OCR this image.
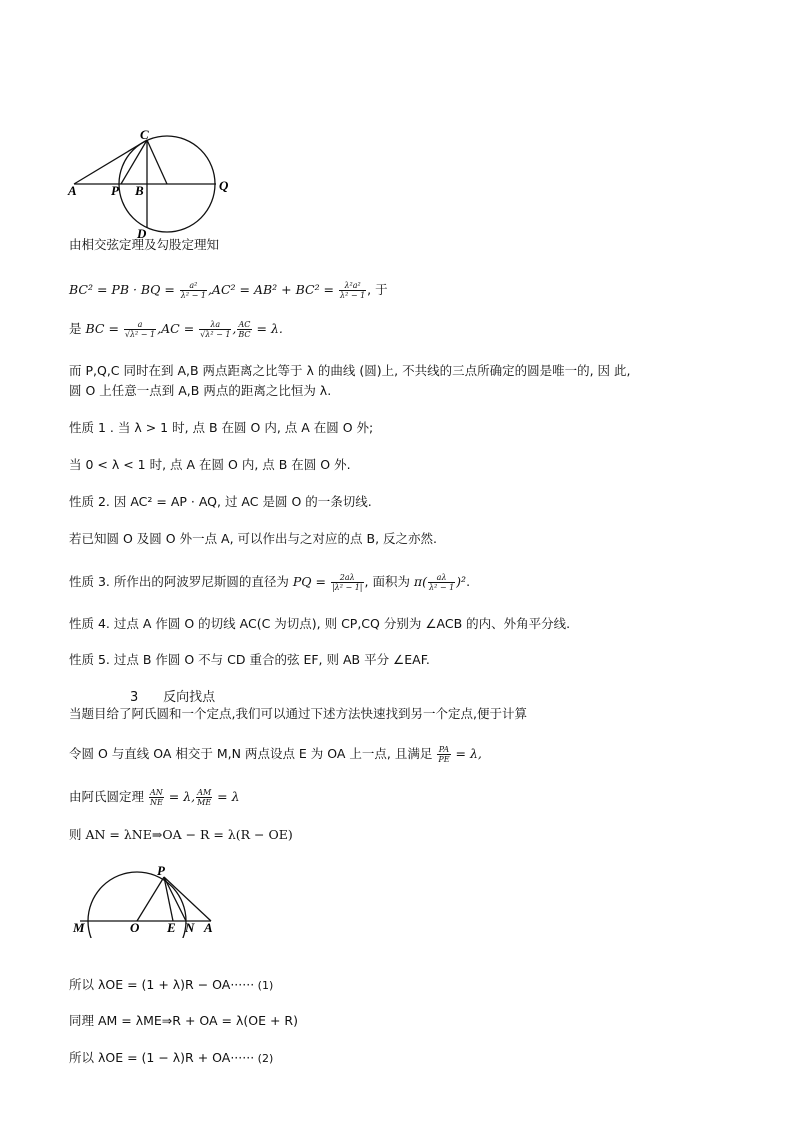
C
A	P B	Q
D
由相交弦定理及勾股定理知
BC² = PB · BQ = $\frac{\text{a²}}{\text{λ² − 1}} ,AC^2 = AB^2 + BC^2 = \frac{\text{λ²a²}}{\text{λ² − 1}}$ , 于
是 BC = $\frac{a}{\text{√λ² − 1}} ,AC = \frac{\lambda a}{\text{√λ² − 1}}$ , $\frac{AC}{BC} = \lambda$.
而 P,Q,C 同时在到 A,B 两点距离之比等于 λ 的曲线 (圆)上, 不共线的三点所确定的圆是唯一的, 因 此,
圆 O 上任意一点到 A,B 两点的距离之比恒为 λ.
性质 1 . 当 λ > 1 时, 点 B 在圆 O 内, 点 A 在圆 O 外;
当 0 < λ < 1 时, 点 A 在圆 O 内, 点 B 在圆 O 外.
性质 2. 因 AC² = AP · AQ, 过 AC 是圆 O 的一条切线.
若已知圆 O 及圆 O 外一点 A, 可以作出与之对应的点 B, 反之亦然.
性质 3. 所作出的阿波罗尼斯圆的直径为 PQ = $\frac{2a\lambda}{\text{|λ² − 1|}}$ , 面积为 $\pi( \frac{a\lambda}{\text{λ² − 1}} )^2$.
性质 4. 过点 A 作圆 O 的切线 AC(C 为切点), 则 CP,CQ 分别为 ∠ACB 的内、外角平分线.
性质 5. 过点 B 作圆 O 不与 CD 重合的弦 EF, 则 AB 平分 ∠EAF.
3      反向找点
当题目给了阿氏圆和一个定点,我们可以通过下述方法快速找到另一个定点,便于计算
令圆 O 与直线 OA 相交于 M,N 两点设点 E 为 OA 上一点, 且满足 $\frac{PA}{PE} = \lambda$,
由阿氏圆定理 $\frac{AN}{NE} = \lambda$, $\frac{AM}{ME} = \lambda$
则 AN = λNE⇒OA − R = λ(R − OE)
P
M	O E N A
所以 λOE = (1 + λ)R − OA······ (1)
同理 AM = λME⇒R + OA = λ(OE + R)
所以 λOE = (1 − λ)R + OA······ (2)
